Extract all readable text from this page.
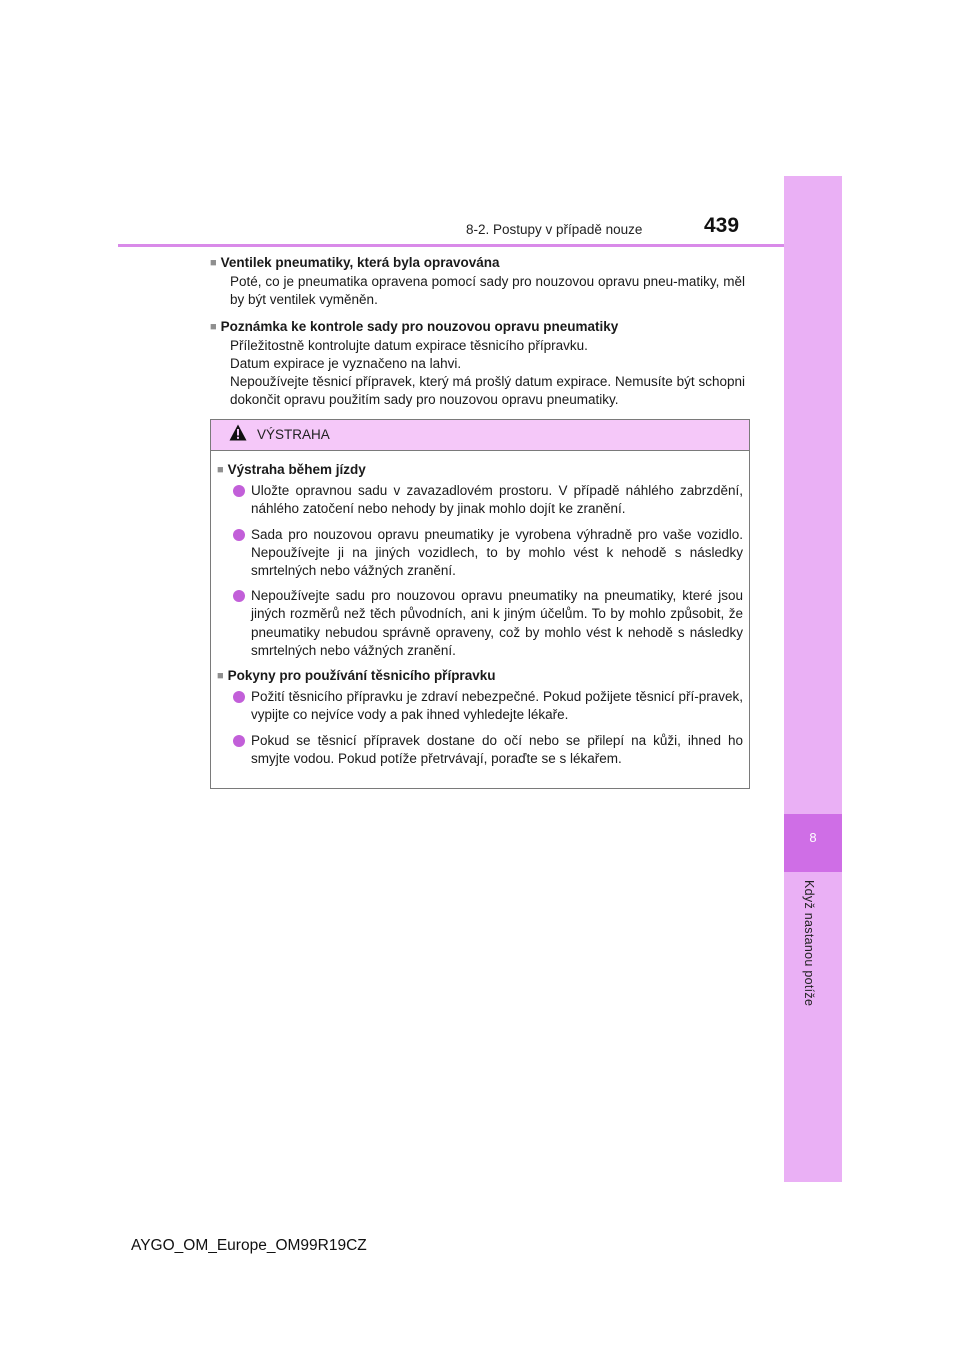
8
Když nastanou potíže
8-2. Postupy v případě nouze	439

■ Ventilek pneumatiky, která byla opravována

Poté, co je pneumatika opravena pomocí sady pro nouzovou opravu pneu-matiky, měl by být ventilek vyměněn.

■ Poznámka ke kontrole sady pro nouzovou opravu pneumatiky

Příležitostně kontrolujte datum expirace těsnicího přípravku.

Datum expirace je vyznačeno na lahvi.

Nepoužívejte těsnicí přípravek, který má prošlý datum expirace. Nemusíte být schopni dokončit opravu použitím sady pro nouzovou opravu pneumatiky.

VÝSTRAHA

■ Výstraha během jízdy

Uložte opravnou sadu v zavazadlovém prostoru. V případě náhlého zabrzdění, náhlého zatočení nebo nehody by jinak mohlo dojít ke zranění.
Sada pro nouzovou opravu pneumatiky je vyrobena výhradně pro vaše vozidlo. Nepoužívejte ji na jiných vozidlech, to by mohlo vést k nehodě s následky smrtelných nebo vážných zranění.
Nepoužívejte sadu pro nouzovou opravu pneumatiky na pneumatiky, které jsou jiných rozměrů než těch původních, ani k jiným účelům. To by mohlo způsobit, že pneumatiky nebudou správně opraveny, což by mohlo vést k nehodě s následky smrtelných nebo vážných zranění.

■ Pokyny pro používání těsnicího přípravku

Požití těsnicího přípravku je zdraví nebezpečné. Pokud požijete těsnicí pří-pravek, vypijte co nejvíce vody a pak ihned vyhledejte lékaře.
Pokud se těsnicí přípravek dostane do očí nebo se přilepí na kůži, ihned ho smyjte vodou. Pokud potíže přetrvávají, poraďte se s lékařem.
AYGO_OM_Europe_OM99R19CZ
